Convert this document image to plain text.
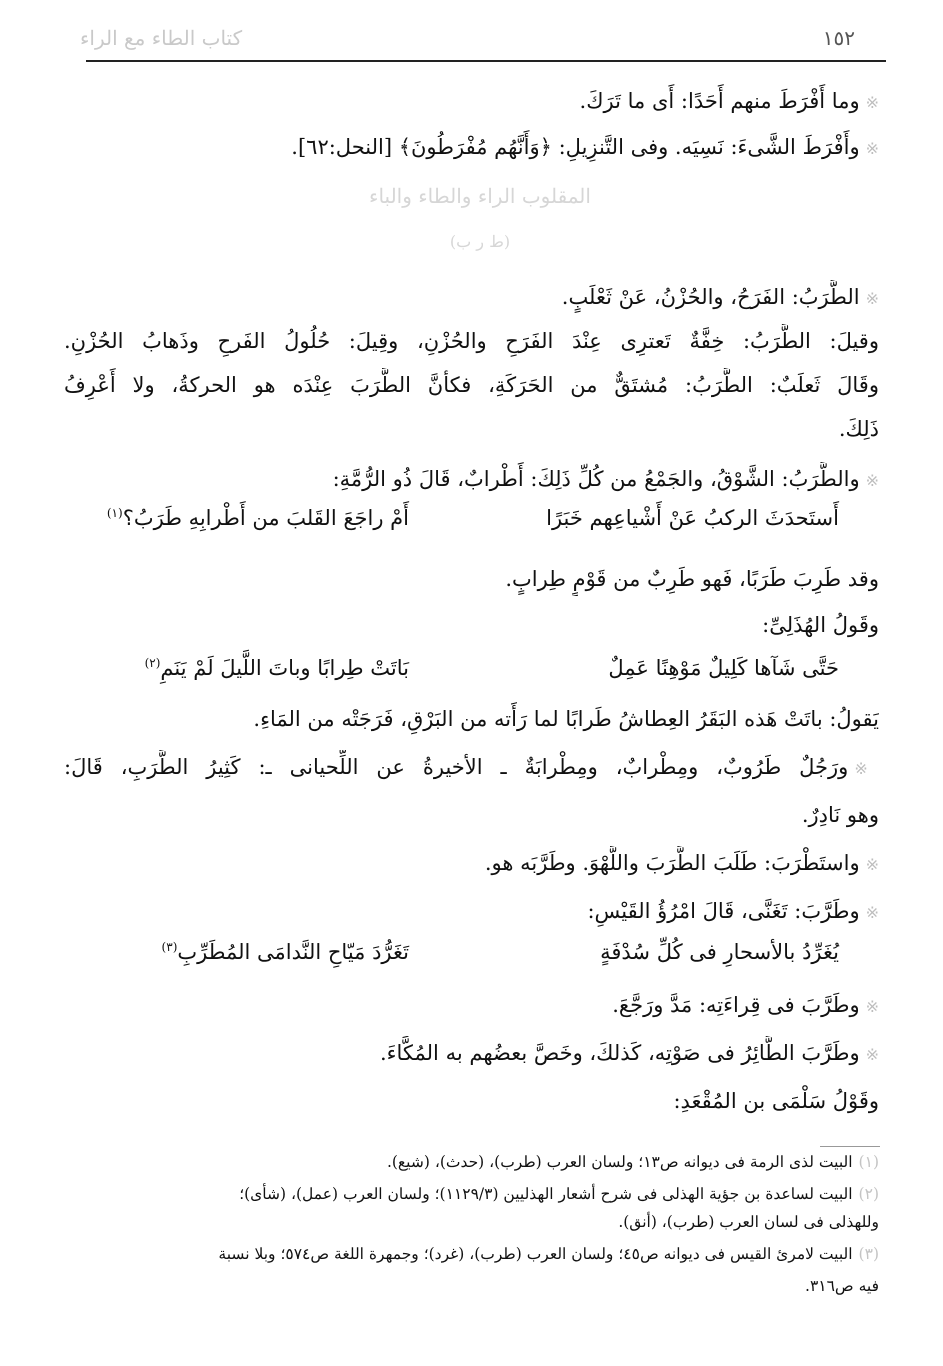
كتاب الطاء مع الراء	١٥٢
※وما أَفْرَطَ منهم أَحَدًا: أَى ما تَرَكَ.
※وأَفْرَطَ الشَّىءَ: نَسِيَه. وفى التَّنزِيلِ: ﴿وَأَنَّهُم مُفْرَطُونَ﴾ [النحل:٦٢].
المقلوب الراء والطاء والباء
(ط ر ب)
※الطَّرَبُ: الفَرَحُ، والحُزْنُ، عَنْ ثَعْلَبٍ.
وقيلَ: الطَّرَبُ: خِفَّةٌ تَعترِى عِنْدَ الفَرَحِ والحُزْنِ، وقِيلَ: حُلُولُ الفَرحِ وذَهابُ الحُزْنِ.
وقَالَ ثَعلَبٌ: الطَّرَبُ: مُشتَقٌّ من الحَرَكَةِ، فكأنَّ الطَّرَبَ عِنْدَه هو الحركةُ، ولا أَعْرِفُ
ذَلِكَ.
※والطَّرَبُ: الشَّوْقُ، والجَمْعُ من كُلِّ ذَلِكَ: أَطْرابٌ، قَالَ ذُو الرُّمَّةِ:
أَستَحدَثَ الركبُ عَنْ أَشْياعِهم خَبَرًا
أَمْ راجَعَ القَلبَ من أَطْرابِهِ طَرَبُ؟$^{(١)}$
وقد طَرِبَ طَرَبًا، فَهو طَرِبٌ من قَوْمٍ طِرابٍ.
وقَولُ الهُذَلِىِّ:
حَتَّى شَآها كَلِيلٌ مَوْهِنًا عَمِلٌ
بَاتَتْ طِرابًا وباتَ اللَّيلَ لَمْ يَنَمِ$^{(٢)}$
يَقولُ: باتَتْ هَذه البَقَرُ العِطاشُ طَرابًا لما رَأَته من البَرْقِ، فَرَجَتْه من المَاءِ.
※ورَجُلٌ طَرُوبٌ، ومِطْرابٌ، ومِطْرابَةٌ ـ الأخيرةُ عن اللِّحيانى ـ: كَثِيرُ الطَّرَبِ، قَالَ:
وهو نَادِرٌ.
※واستَطْرَبَ: طَلَبَ الطَّرَبَ واللَّهْوَ. وطَرَّبَه هو.
※وطَرَّبَ: تَغَنَّى، قَالَ امْرُؤُ القَيْسِ:
يُغَرِّدُ بالأسحارِ فى كُلِّ سُدْفَةٍ
تَغَرُّدَ مَيّاحِ النَّدامَى المُطَرِّبِ$^{(٣)}$
※وطَرَّبَ فى قِراءَتِه: مَدَّ ورَجَّعَ.
※وطَرَّبَ الطَّائِرُ فى صَوْتِه، كَذلكَ، وخَصَّ بعضُهم به المُكَّاءَ.
وقَوْلُ سَلْمَى بن المُقْعَدِ:
(١)البيت لذى الرمة فى ديوانه ص١٣؛ ولسان العرب (طرب)، (حدث)، (شيع).
(٢)البيت لساعدة بن جؤية الهذلى فى شرح أشعار الهذليين (١١٢٩/٣)؛ ولسان العرب (عمل)، (شأى)؛
وللهذلى فى لسان العرب (طرب)، (أنق).
(٣)البيت لامرئ القيس فى ديوانه ص٤٥؛ ولسان العرب (طرب)، (غرد)؛ وجمهرة اللغة ص٥٧٤؛ وبلا نسبة
فيه ص٣١٦.
